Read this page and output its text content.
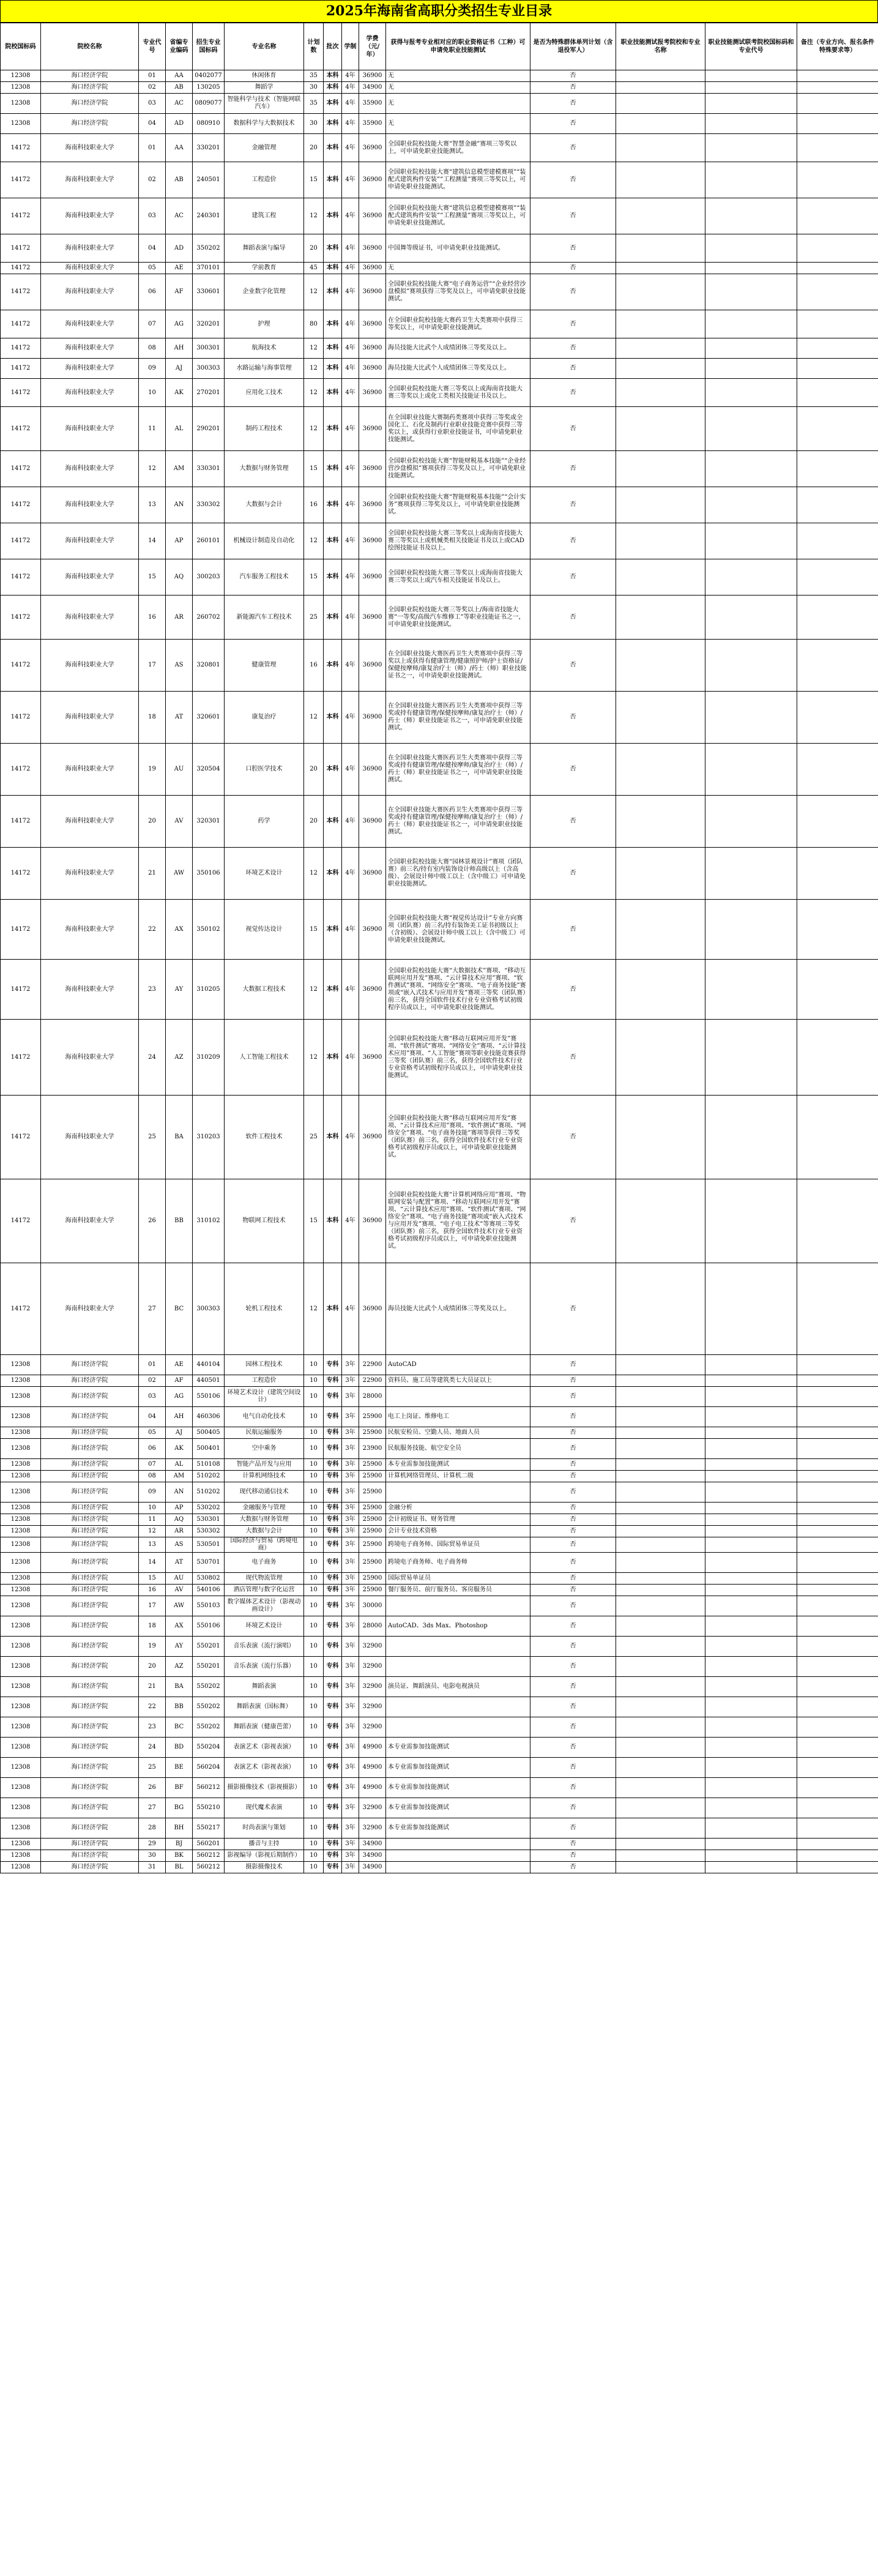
2025年海南省高职分类招生专业目录
院校国标码	院校名称	专业代号	省编专业编码	招生专业国标码	专业名称	计划数	批次	学制	学费（元/年）	获得与报考专业相对应的职业资格证书（工种）可申请免职业技能测试	是否为特殊群体单列计划（含退役军人）	职业技能测试报考院校和专业名称	职业技能测试联考院校国标码和专业代号	备注（专业方向、报名条件特殊要求等）
12308	海口经济学院	01	AA	0402077	休闲体育	35	本科	4年	36900	无	否			
12308	海口经济学院	02	AB	130205	舞蹈学	30	本科	4年	34900	无	否			
12308	海口经济学院	03	AC	0809077	智能科学与技术（智能网联汽车）	35	本科	4年	35900	无	否			
12308	海口经济学院	04	AD	080910	数据科学与大数据技术	30	本科	4年	35900	无	否			
14172	海南科技职业大学	01	AA	330201	金融管理	20	本科	4年	36900	全国职业院校技能大赛“智慧金融”赛项三等奖以上，可申请免职业技能测试。	否			
14172	海南科技职业大学	02	AB	240501	工程造价	15	本科	4年	36900	全国职业院校技能大赛“建筑信息模型建模赛项”“装配式建筑构件安装”“工程测量”赛项三等奖以上，可申请免职业技能测试。	否			
14172	海南科技职业大学	03	AC	240301	建筑工程	12	本科	4年	36900	全国职业院校技能大赛“建筑信息模型建模赛项”“装配式建筑构件安装”“工程测量”赛项三等奖以上，可申请免职业技能测试。	否			
14172	海南科技职业大学	04	AD	350202	舞蹈表演与编导	20	本科	4年	36900	中国舞等级证书，可申请免职业技能测试。	否			
14172	海南科技职业大学	05	AE	370101	学前教育	45	本科	4年	36900	无	否			
14172	海南科技职业大学	06	AF	330601	企业数字化管理	12	本科	4年	36900	全国职业院校技能大赛“电子商务运营”“企业经营沙盘模拟”赛项获得三等奖及以上，可申请免职业技能测试。	否			
14172	海南科技职业大学	07	AG	320201	护理	80	本科	4年	36900	在全国职业院校技能大赛药卫生大类赛项中获得三等奖以上，可申请免职业技能测试。	否			
14172	海南科技职业大学	08	AH	300301	航海技术	12	本科	4年	36900	海员技能大比武个人成绩团体三等奖及以上。	否			
14172	海南科技职业大学	09	AJ	300303	水路运输与海事管理	12	本科	4年	36900	海员技能大比武个人成绩团体三等奖及以上。	否			
14172	海南科技职业大学	10	AK	270201	应用化工技术	12	本科	4年	36900	全国职业院校技能大赛三等奖以上或海南省技能大赛三等奖以上或化工类相关技能证书及以上。	否			
14172	海南科技职业大学	11	AL	290201	制药工程技术	12	本科	4年	36900	在全国职业技能大赛制药类赛项中获得三等奖或全国化工、石化及制药行业职业技能竞赛中获得三等奖以上，或获得行业职业技能证书，可申请免职业技能测试。	否			
14172	海南科技职业大学	12	AM	330301	大数据与财务管理	15	本科	4年	36900	全国职业院校技能大赛“智能财税基本技能”“企业经营沙盘模拟”赛项获得三等奖及以上，可申请免职业技能测试。	否			
14172	海南科技职业大学	13	AN	330302	大数据与会计	16	本科	4年	36900	全国职业院校技能大赛“智能财税基本技能”“会计实务”赛项获得三等奖及以上，可申请免职业技能测试。	否			
14172	海南科技职业大学	14	AP	260101	机械设计制造及自动化	12	本科	4年	36900	全国职业院校技能大赛三等奖以上或海南省技能大赛三等奖以上或机械类相关技能证书及以上或CAD绘图技能证书及以上。	否			
14172	海南科技职业大学	15	AQ	300203	汽车服务工程技术	15	本科	4年	36900	全国职业院校技能大赛三等奖以上或海南省技能大赛三等奖以上或汽车相关技能证书及以上。	否			
14172	海南科技职业大学	16	AR	260702	新能源汽车工程技术	25	本科	4年	36900	全国职业院校技能大赛三等奖以上/海南省技能大赛“一等奖/高级汽车维修工”等职业技能证书之一，可申请免职业技能测试。	否			
14172	海南科技职业大学	17	AS	320801	健康管理	16	本科	4年	36900	在全国职业技能大赛医药卫生大类赛项中获得三等奖以上或获得有健康管理/健康照护师/护士资格证/保健按摩师/康复治疗士（师）/药士（师）职业技能证书之一，可申请免职业技能测试。	否			
14172	海南科技职业大学	18	AT	320601	康复治疗	12	本科	4年	36900	在全国职业技能大赛医药卫生大类赛项中获得三等奖或持有健康管理/保健按摩师/康复治疗士（师）/药士（师）职业技能证书之一，可申请免职业技能测试。	否			
14172	海南科技职业大学	19	AU	320504	口腔医学技术	20	本科	4年	36900	在全国职业技能大赛医药卫生大类赛项中获得三等奖或持有健康管理/保健按摩师/康复治疗士（师）/药士（师）职业技能证书之一，可申请免职业技能测试。	否			
14172	海南科技职业大学	20	AV	320301	药学	20	本科	4年	36900	在全国职业技能大赛医药卫生大类赛项中获得三等奖或持有健康管理/保健按摩师/康复治疗士（师）/药士（师）职业技能证书之一，可申请免职业技能测试。	否			
14172	海南科技职业大学	21	AW	350106	环境艺术设计	12	本科	4年	36900	全国职业院校技能大赛“园林景观设计”赛项（团队赛）前三名/持有室内装饰设计师高级以上（含高级）、会展设计师中级工以上（含中级工）可申请免职业技能测试。	否			
14172	海南科技职业大学	22	AX	350102	视觉传达设计	15	本科	4年	36900	全国职业院校技能大赛“视觉传达设计”专业方向赛项（团队赛）前三名/持有装饰美工证书初级以上（含初级）、会展设计师中级工以上（含中级工）可申请免职业技能测试。	否			
14172	海南科技职业大学	23	AY	310205	大数据工程技术	12	本科	4年	36900	全国职业院校技能大赛“大数据技术”赛项、“移动互联网应用开发”赛项、“云计算技术应用”赛项、“软件测试”赛项、“网络安全”赛项、“电子商务技能”赛项或“嵌入式技术与应用开发”赛项三等奖（团队赛）前三名，获得全国软件技术行业专业资格考试初级程序员或以上，可申请免职业技能测试。	否			
14172	海南科技职业大学	24	AZ	310209	人工智能工程技术	12	本科	4年	36900	全国职业院校技能大赛“移动互联网应用开发”赛项、“软件测试”赛项、“网络安全”赛项、“云计算技术应用”赛项、“人工智能”赛项等职业技能竞赛获得三等奖（团队赛）前三名，获得全国软件技术行业专业资格考试初级程序员或以上，可申请免职业技能测试。	否			
14172	海南科技职业大学	25	BA	310203	软件工程技术	25	本科	4年	36900	全国职业院校技能大赛“移动互联网应用开发”赛项、“云计算技术应用”赛项、“软件测试”赛项、“网络安全”赛项、“电子商务技能”赛项等获得三等奖（团队赛）前三名，获得全国软件技术行业专业资格考试初级程序员或以上，可申请免职业技能测试。	否			
14172	海南科技职业大学	26	BB	310102	物联网工程技术	15	本科	4年	36900	全国职业院校技能大赛“计算机网络应用”赛项、“物联网安装与配置”赛项、“移动互联网应用开发”赛项、“云计算技术应用”赛项、“软件测试”赛项、“网络安全”赛项、“电子商务技能”赛项或“嵌入式技术与应用开发”赛项、“电子电工技术”等赛项三等奖（团队赛）前三名，获得全国软件技术行业专业资格考试初级程序员或以上，可申请免职业技能测试。	否			
14172	海南科技职业大学	27	BC	300303	轮机工程技术	12	本科	4年	36900	海员技能大比武个人成绩团体三等奖及以上。	否			
12308	海口经济学院	01	AE	440104	园林工程技术	10	专科	3年	22900	AutoCAD	否			
12308	海口经济学院	02	AF	440501	工程造价	10	专科	3年	22900	资料员、施工员等建筑类七大员证以上	否			
12308	海口经济学院	03	AG	550106	环境艺术设计（建筑空间设计）	10	专科	3年	28000		否			
12308	海口经济学院	04	AH	460306	电气自动化技术	10	专科	3年	25900	电工上岗证、维修电工	否			
12308	海口经济学院	05	AJ	500405	民航运输服务	10	专科	3年	25900	民航安检员、空勤人员、地面人员	否			
12308	海口经济学院	06	AK	500401	空中乘务	10	专科	3年	23900	民航服务技能、航空安全员	否			
12308	海口经济学院	07	AL	510108	智能产品开发与应用	10	专科	3年	25900	本专业需参加技能测试	否			
12308	海口经济学院	08	AM	510202	计算机网络技术	10	专科	3年	25900	计算机网络管理员、计算机二级	否			
12308	海口经济学院	09	AN	510202	现代移动通信技术	10	专科	3年	25900		否			
12308	海口经济学院	10	AP	530202	金融服务与管理	10	专科	3年	25900	金融分析	否			
12308	海口经济学院	11	AQ	530301	大数据与财务管理	10	专科	3年	25900	会计初级证书、财务管理	否			
12308	海口经济学院	12	AR	530302	大数据与会计	10	专科	3年	25900	会计专业技术资格	否			
12308	海口经济学院	13	AS	530501	国际经济与贸易（跨境电商）	10	专科	3年	25900	跨境电子商务师、国际贸易单证员	否			
12308	海口经济学院	14	AT	530701	电子商务	10	专科	3年	25900	跨境电子商务师、电子商务师	否			
12308	海口经济学院	15	AU	530802	现代物流管理	10	专科	3年	25900	国际贸易单证员	否			
12308	海口经济学院	16	AV	540106	酒店管理与数字化运营	10	专科	3年	25900	餐厅服务员、前厅服务员、客房服务员	否			
12308	海口经济学院	17	AW	550103	数字媒体艺术设计（影视动画设计）	10	专科	3年	30000		否			
12308	海口经济学院	18	AX	550106	环境艺术设计	10	专科	3年	28000	AutoCAD、3ds Max、Photoshop	否			
12308	海口经济学院	19	AY	550201	音乐表演（流行演唱）	10	专科	3年	32900		否			
12308	海口经济学院	20	AZ	550201	音乐表演（流行乐器）	10	专科	3年	32900		否			
12308	海口经济学院	21	BA	550202	舞蹈表演	10	专科	3年	32900	演员证、舞蹈演员、电影电视演员	否			
12308	海口经济学院	22	BB	550202	舞蹈表演（国标舞）	10	专科	3年	32900		否			
12308	海口经济学院	23	BC	550202	舞蹈表演（健康芭蕾）	10	专科	3年	32900		否			
12308	海口经济学院	24	BD	550204	表演艺术（影视表演）	10	专科	3年	49900	本专业需参加技能测试	否			
12308	海口经济学院	25	BE	560204	表演艺术（影视表演）	10	专科	3年	49900	本专业需参加技能测试	否			
12308	海口经济学院	26	BF	560212	摄影摄像技术（影视摄影）	10	专科	3年	49900	本专业需参加技能测试	否			
12308	海口经济学院	27	BG	550210	现代魔术表演	10	专科	3年	32900	本专业需参加技能测试	否			
12308	海口经济学院	28	BH	550217	时尚表演与策划	10	专科	3年	32900	本专业需参加技能测试	否			
12308	海口经济学院	29	BJ	560201	播音与主持	10	专科	3年	34900		否			
12308	海口经济学院	30	BK	560212	影视编导（影视后期制作）	10	专科	3年	34900		否			
12308	海口经济学院	31	BL	560212	摄影摄像技术	10	专科	3年	34900		否			
